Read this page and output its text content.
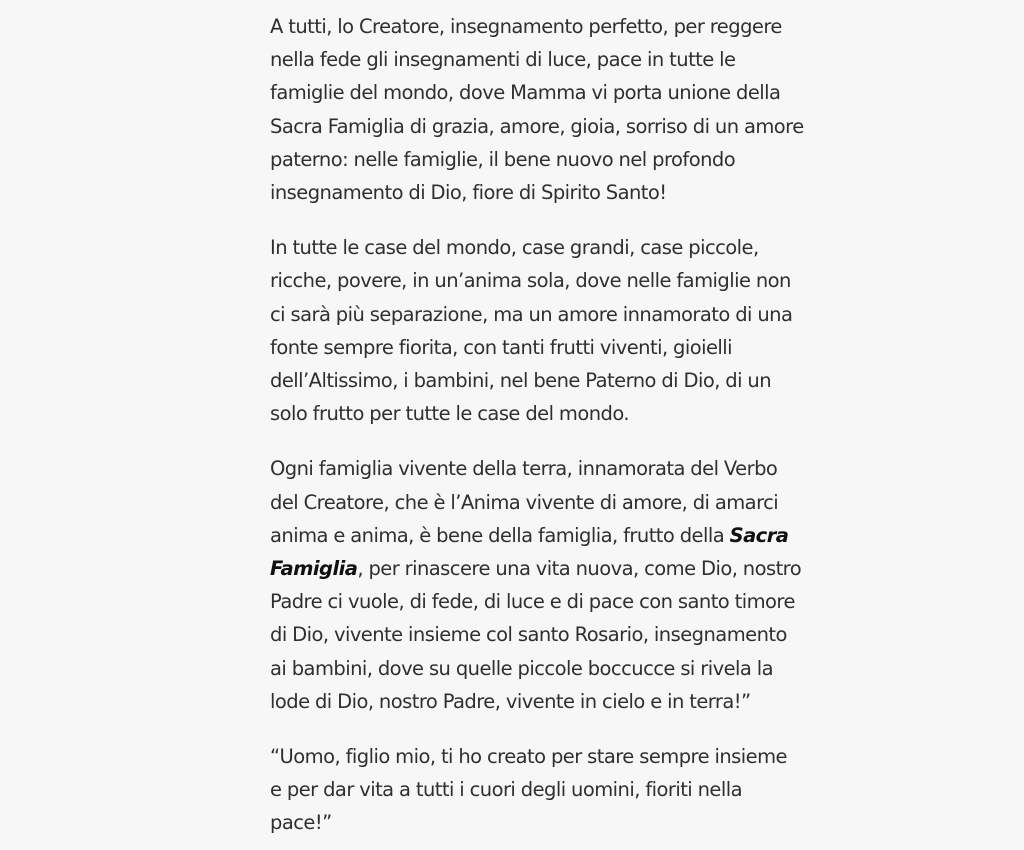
A tutti, lo Creatore, insegnamento perfetto, per reggere
nella fede gli insegnamenti di luce, pace in tutte le
famiglie del mondo, dove Mamma vi porta unione della
Sacra Famiglia di grazia, amore, gioia, sorriso di un amore
paterno: nelle famiglie, il bene nuovo nel profondo
insegnamento di Dio, fiore di Spirito Santo!

In tutte le case del mondo, case grandi, case piccole,
ricche, povere, in un’anima sola, dove nelle famiglie non
ci sarà più separazione, ma un amore innamorato di una
fonte sempre fiorita, con tanti frutti viventi, gioielli
dell’Altissimo, i bambini, nel bene Paterno di Dio, di un
solo frutto per tutte le case del mondo.

Ogni famiglia vivente della terra, innamorata del Verbo
del Creatore, che è l’Anima vivente di amore, di amarci
anima e anima, è bene della famiglia, frutto della Sacra
Famiglia, per rinascere una vita nuova, come Dio, nostro
Padre ci vuole, di fede, di luce e di pace con santo timore
di Dio, vivente insieme col santo Rosario, insegnamento
ai bambini, dove su quelle piccole boccucce si rivela la
lode di Dio, nostro Padre, vivente in cielo e in terra!”

“Uomo, figlio mio, ti ho creato per stare sempre insieme
e per dar vita a tutti i cuori degli uomini, fioriti nella
pace!”
